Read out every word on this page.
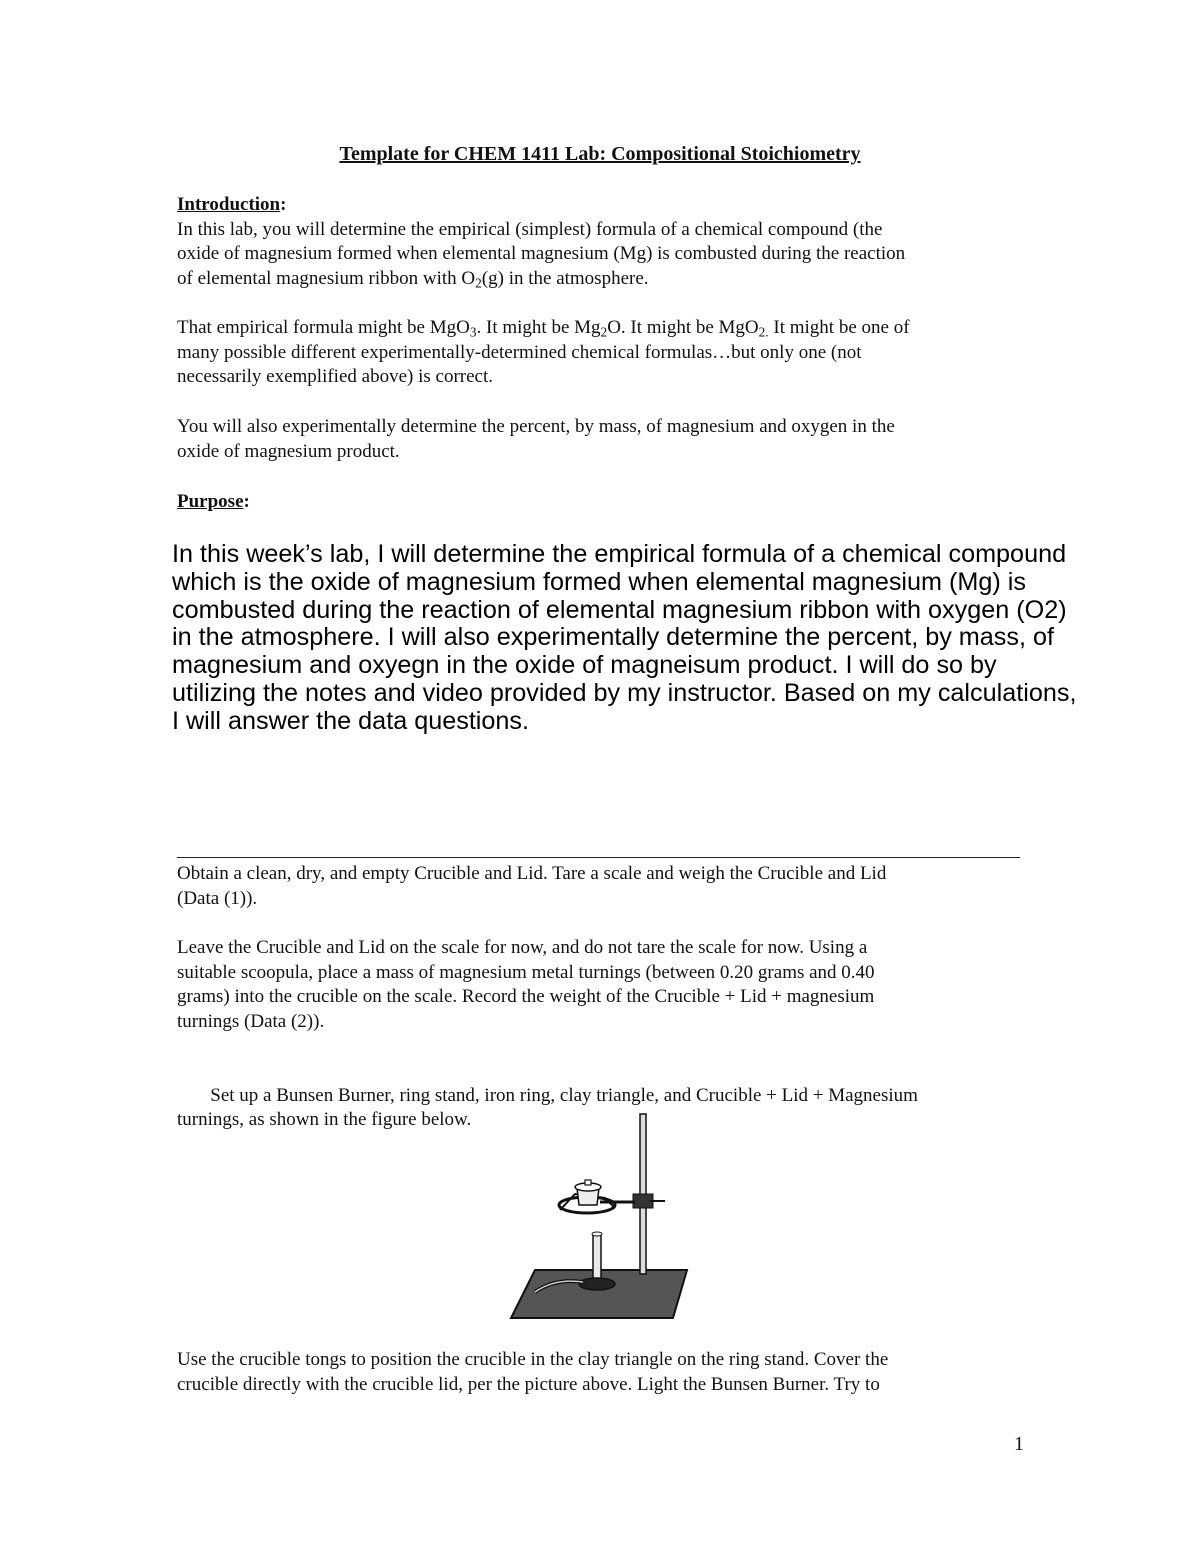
Template for CHEM 1411 Lab: Compositional Stoichiometry
Introduction:

In this lab, you will determine the empirical (simplest) formula of a chemical compound (the
oxide of magnesium formed when elemental magnesium (Mg) is combusted during the reaction
of elemental magnesium ribbon with $O_2(g)$ in the atmosphere.

That empirical formula might be MgO$_3$. It might be $Mg_2O$. It might be MgO$_{2.}$ It might be one of
many possible different experimentally-determined chemical formulas…but only one (not
necessarily exemplified above) is correct.

You will also experimentally determine the percent, by mass, of magnesium and oxygen in the
oxide of magnesium product.

Purpose:

In this week’s lab, I will determine the empirical formula of a chemical compound
which is the oxide of magnesium formed when elemental magnesium (Mg) is
combusted during the reaction of elemental magnesium ribbon with oxygen (O2)
in the atmosphere. I will also experimentally determine the percent, by mass, of
magnesium and oxyegn in the oxide of magneisum product. I will do so by
utilizing the notes and video provided by my instructor. Based on my calculations,
I will answer the data questions.

Obtain a clean, dry, and empty Crucible and Lid. Tare a scale and weigh the Crucible and Lid
(Data (1)).

Leave the Crucible and Lid on the scale for now, and do not tare the scale for now. Using a
suitable scoopula, place a mass of magnesium metal turnings (between 0.20 grams and 0.40
grams) into the crucible on the scale. Record the weight of the Crucible + Lid + magnesium
turnings (Data (2)).

Set up a Bunsen Burner, ring stand, iron ring, clay triangle, and Crucible + Lid + Magnesium
turnings, as shown in the figure below.

Use the crucible tongs to position the crucible in the clay triangle on the ring stand. Cover the
crucible directly with the crucible lid, per the picture above. Light the Bunsen Burner. Try to

1
